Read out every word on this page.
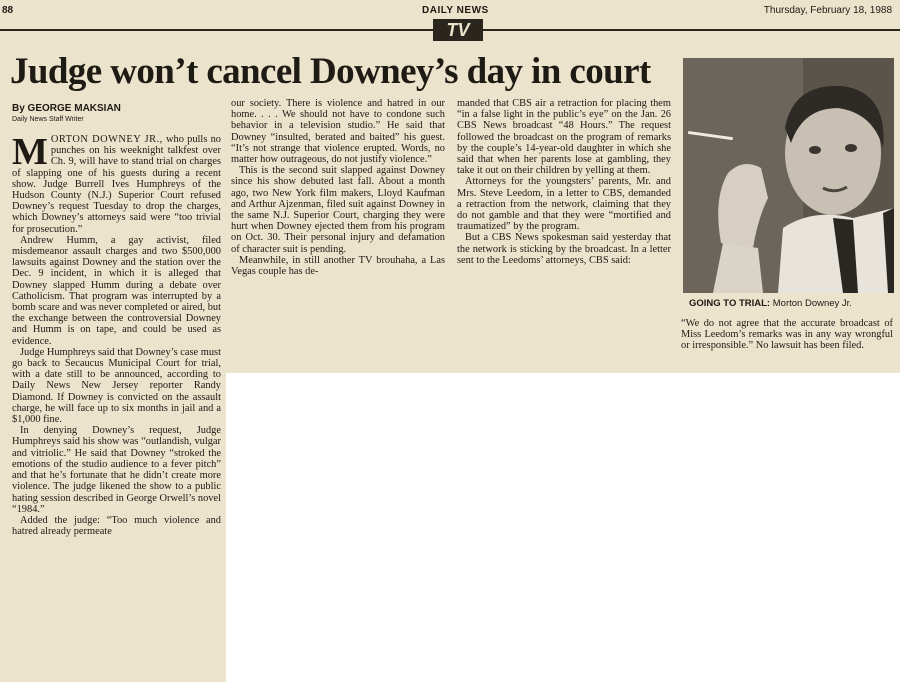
88	DAILY NEWS	Thursday, February 18, 1988
TV
Judge won’t cancel Downey’s day in court
By GEORGE MAKSIAN
Daily News Staff Writer

MORTON DOWNEY JR., who pulls no punches on his weeknight talkfest over Ch. 9, will have to stand trial on charges of slapping one of his guests during a recent show. Judge Burrell Ives Humphreys of the Hudson County (N.J.) Superior Court refused Downey’s request Tuesday to drop the charges, which Downey’s attorneys said were “too trivial for prosecution.”

Andrew Humm, a gay activist, filed misdemeanor assault charges and two $500,000 lawsuits against Downey and the station over the Dec. 9 incident, in which it is alleged that Downey slapped Humm during a debate over Catholicism. That program was interrupted by a bomb scare and was never completed or aired, but the exchange between the controversial Downey and Humm is on tape, and could be used as evidence.

Judge Humphreys said that Downey’s case must go back to Secaucus Municipal Court for trial, with a date still to be announced, according to Daily News New Jersey reporter Randy Diamond. If Downey is convicted on the assault charge, he will face up to six months in jail and a $1,000 fine.

In denying Downey’s request, Judge Humphreys said his show was “outlandish, vulgar and vitriolic.” He said that Downey “stroked the emotions of the studio audience to a fever pitch” and that he’s fortunate that he didn’t create more violence. The judge likened the show to a public hating session described in George Orwell’s novel “1984.”

Added the judge: “Too much violence and hatred already permeate

our society. There is violence and hatred in our home. . . . We should not have to condone such behavior in a television studio.” He said that Downey “insulted, berated and baited” his guest. “It’s not strange that violence erupted. Words, no matter how outrageous, do not justify violence.”

This is the second suit slapped against Downey since his show debuted last fall. About a month ago, two New York film makers, Lloyd Kaufman and Arthur Ajzenman, filed suit against Downey in the same N.J. Superior Court, charging they were hurt when Downey ejected them from his program on Oct. 30. Their personal injury and defamation of character suit is pending.

Meanwhile, in still another TV brouhaha, a Las Vegas couple has de-

manded that CBS air a retraction for placing them “in a false light in the public’s eye” on the Jan. 26 CBS News broadcast “48 Hours.” The request followed the broadcast on the program of remarks by the couple’s 14-year-old daughter in which she said that when her parents lose at gambling, they take it out on their children by yelling at them.

Attorneys for the youngsters’ parents, Mr. and Mrs. Steve Leedom, in a letter to CBS, demanded a retraction from the network, claiming that they do not gamble and that they were “mortified and traumatized” by the program.

But a CBS News spokesman said yesterday that the network is sticking by the broadcast. In a letter sent to the Leedoms’ attorneys, CBS said:

GOING TO TRIAL: Morton Downey Jr.

“We do not agree that the accurate broadcast of Miss Leedom’s remarks was in any way wrongful or irresponsible.” No lawsuit has been filed.
